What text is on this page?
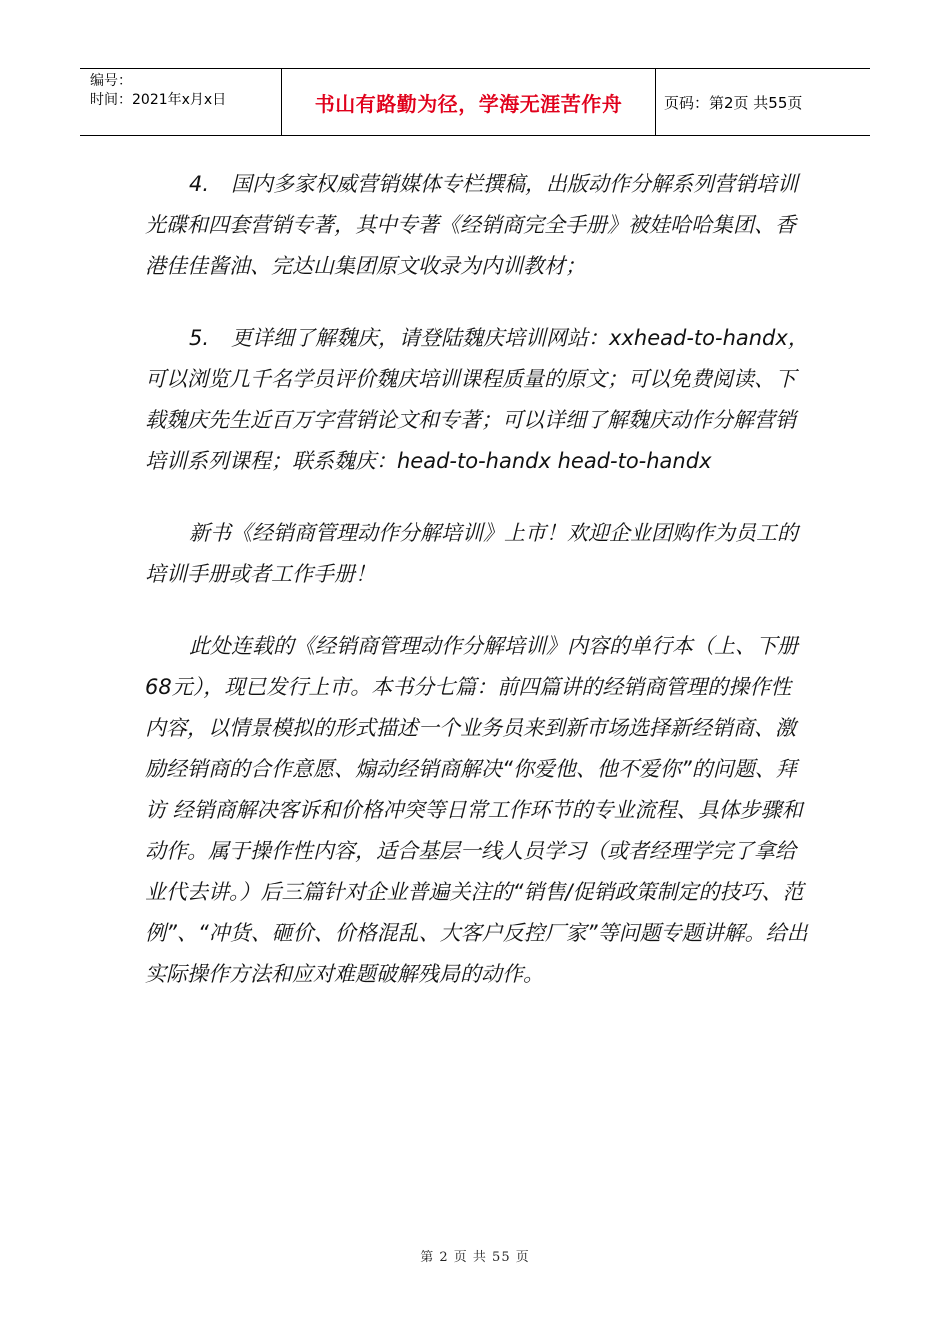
编号：
时间：2021年x月x日	书山有路勤为径，学海无涯苦作舟	页码：第2页 共55页

4. 国内多家权威营销媒体专栏撰稿，出版动作分解系列营销培训光碟和四套营销专著，其中专著《经销商完全手册》被娃哈哈集团、香港佳佳酱油、完达山集团原文收录为内训教材；

5. 更详细了解魏庆，请登陆魏庆培训网站：xxhead-to-handx，可以浏览几千名学员评价魏庆培训课程质量的原文；可以免费阅读、下载魏庆先生近百万字营销论文和专著；可以详细了解魏庆动作分解营销培训系列课程；联系魏庆：head-to-handx head-to-handx

新书《经销商管理动作分解培训》上市！欢迎企业团购作为员工的培训手册或者工作手册！

此处连载的《经销商管理动作分解培训》内容的单行本（上、下册68元），现已发行上市。本书分七篇：前四篇讲的经销商管理的操作性内容，以情景模拟的形式描述一个业务员来到新市场选择新经销商、激励经销商的合作意愿、煽动经销商解决“你爱他、他不爱你”的问题、拜访 经销商解决客诉和价格冲突等日常工作环节的专业流程、具体步骤和动作。属于操作性内容，适合基层一线人员学习（或者经理学完了拿给业代去讲。）后三篇针对企业普遍关注的“销售/促销政策制定的技巧、范例”、“冲货、砸价、价格混乱、大客户反控厂家”等问题专题讲解。给出实际操作方法和应对难题破解残局的动作。

第 2 页 共 55 页
